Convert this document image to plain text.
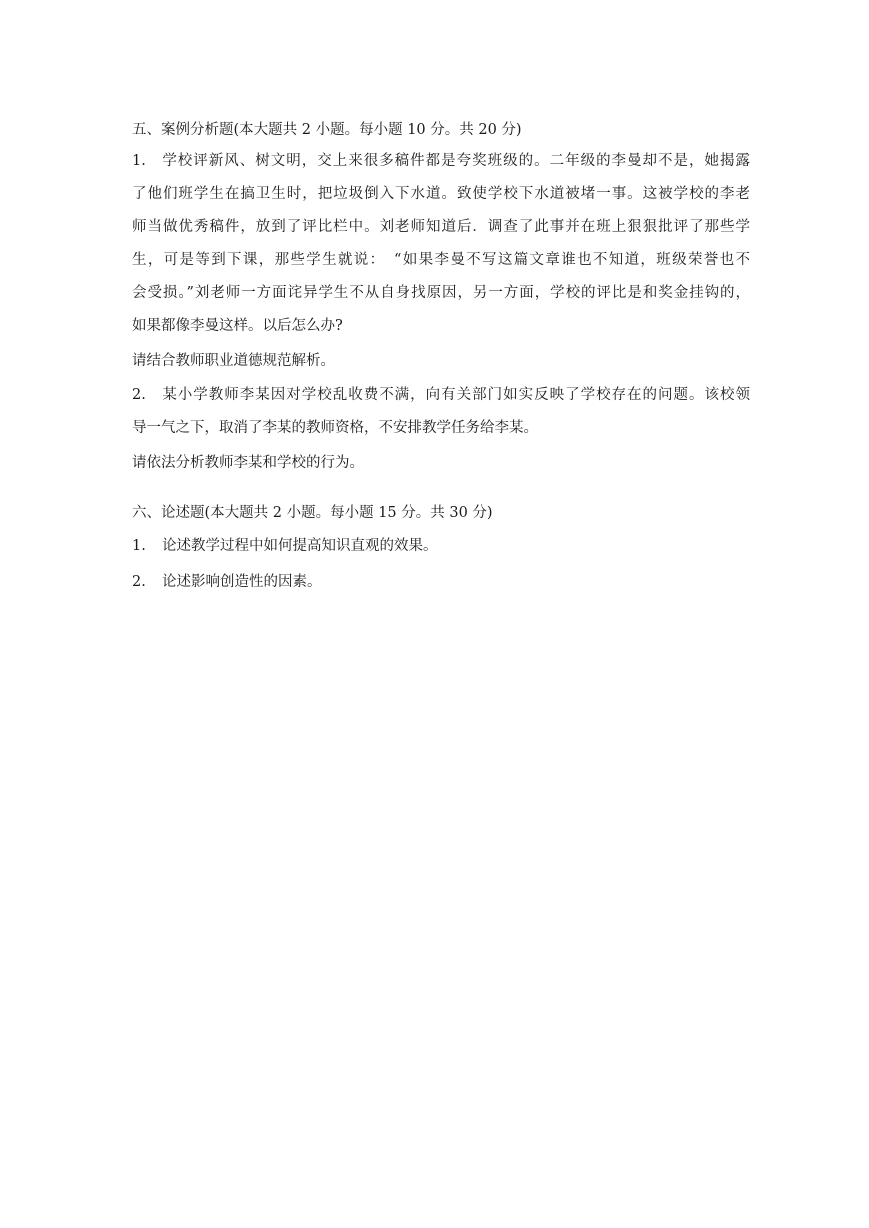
五、案例分析题(本大题共 2 小题。每小题 10 分。共 20 分)

1.　学校评新风、树文明，交上来很多稿件都是夸奖班级的。二年级的李曼却不是，她揭露
了他们班学生在搞卫生时，把垃圾倒入下水道。致使学校下水道被堵一事。这被学校的李老
师当做优秀稿件，放到了评比栏中。刘老师知道后．调查了此事并在班上狠狠批评了那些学
生，可是等到下课，那些学生就说：　“如果李曼不写这篇文章谁也不知道，班级荣誉也不
会受损。”刘老师一方面诧异学生不从自身找原因，另一方面，学校的评比是和奖金挂钩的，
如果都像李曼这样。以后怎么办?

请结合教师职业道德规范解析。

2.　某小学教师李某因对学校乱收费不满，向有关部门如实反映了学校存在的问题。该校领
导一气之下，取消了李某的教师资格，不安排教学任务给李某。

请依法分析教师李某和学校的行为。

六、论述题(本大题共 2 小题。每小题 15 分。共 30 分)

1. 论述教学过程中如何提高知识直观的效果。

2. 论述影响创造性的因素。
